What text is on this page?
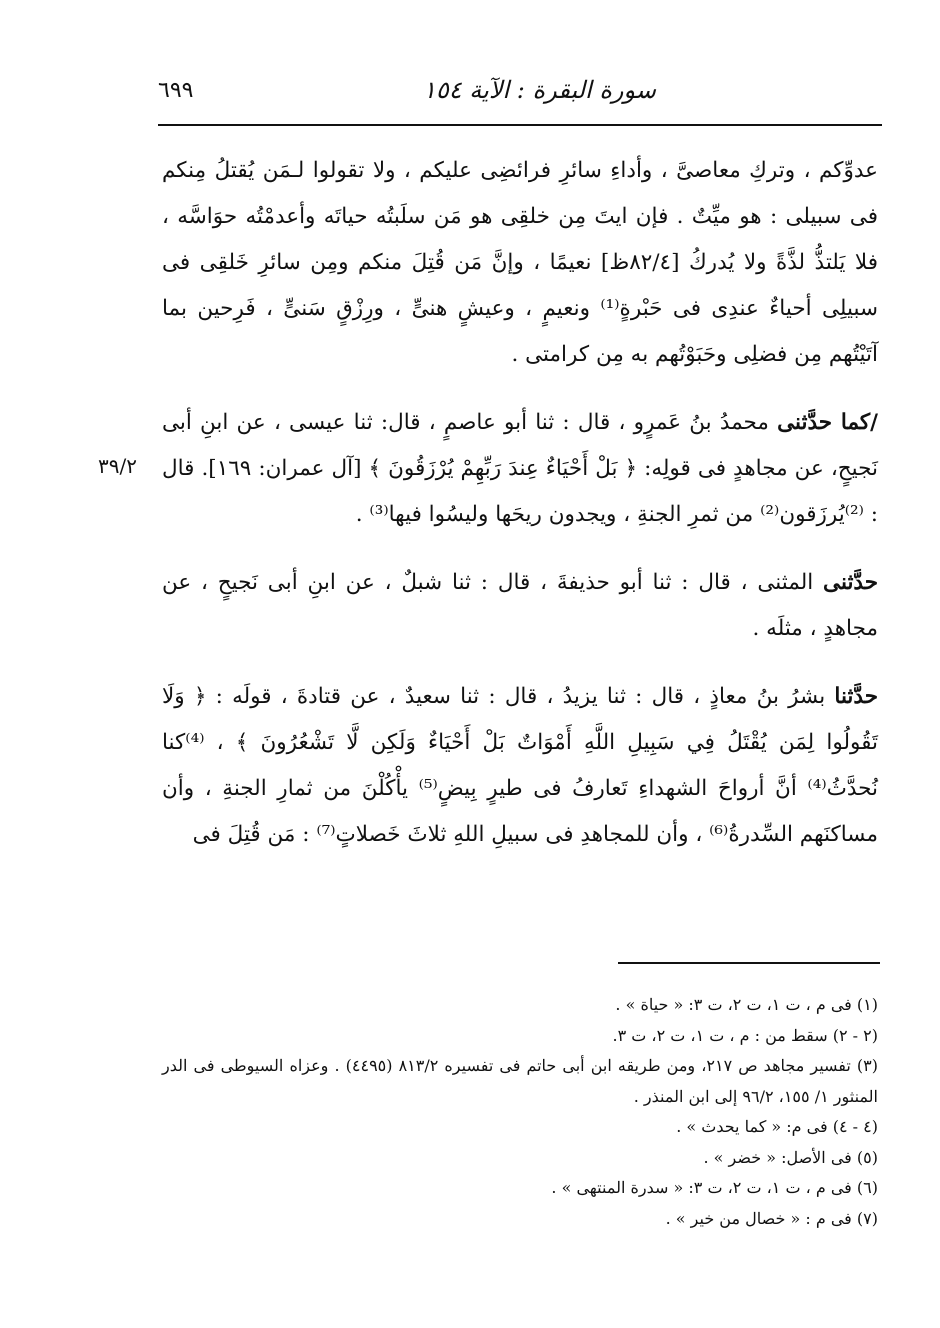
سورة البقرة : الآية ١٥٤
٦٩٩
٣٩/٢

عدوِّكم ، وتركِ معاصىَّ ، وأداءِ سائرِ فرائضِى عليكم ، ولا تقولوا لـمَن يُقتلُ مِنكم فى سبيلى : هو ميِّتٌ . فإن ايتَ مِن خلقِى هو مَن سلَبتُه حياتَه وأعدمْتُه حوَاسَّه ، فلا يَلتذُّ لذَّةً ولا يُدركُ [٨٢/٤ظ] نعيمًا ، وإنَّ مَن قُتِلَ منكم ومِن سائرِ خَلقِى فى سبيلِى أحياءٌ عندِى فى حَبْرةٍ⁽¹⁾ ونعيمٍ ، وعيشٍ هنىٍّ ، ورِزْقٍ سَنىٍّ ، فَرِحين بما آتَيْتُهم مِن فضلِى وحَبَوْتُهم به مِن كرامتى .

/كما حدَّثنى محمدُ بنُ عَمرٍو ، قال : ثنا أبو عاصمٍ ، قال: ثنا عيسى ، عن ابنِ أبى نَجيحٍ، عن مجاهدٍ فى قولِه: ﴿ بَلْ أَحْيَاءٌ عِندَ رَبِّهِمْ يُرْزَقُونَ ﴾ [آل عمران: ١٦٩]. قال : ⁽²⁾يُرزَقون⁽²⁾ من ثمرِ الجنةِ ، ويجدون ريحَها وليسُوا فيها⁽³⁾ .

حدَّثنى المثنى ، قال : ثنا أبو حذيفةَ ، قال : ثنا شبلٌ ، عن ابنِ أبى نَجيحٍ ، عن مجاهدٍ ، مثلَه .

حدَّثنا بشرُ بنُ معاذٍ ، قال : ثنا يزيدُ ، قال : ثنا سعيدٌ ، عن قتادةَ ، قولَه : ﴿ وَلَا تَقُولُوا لِمَن يُقْتَلُ فِي سَبِيلِ اللَّهِ أَمْوَاتٌ بَلْ أَحْيَاءٌ وَلَكِن لَّا تَشْعُرُونَ ﴾ ، ⁽⁴⁾كنا نُحدَّثُ⁽⁴⁾ أنَّ أرواحَ الشهداءِ تَعارفُ فى طيرٍ بِيضٍ⁽⁵⁾ يأْكُلْنَ من ثمارِ الجنةِ ، وأن مساكنَهم السِّدرةُ⁽⁶⁾ ، وأن للمجاهدِ فى سبيلِ اللهِ ثلاثَ خَصلاتٍ⁽⁷⁾ : مَن قُتِلَ فى

(١) فى م ، ت ١، ت ٢، ت ٣: « حياة » .

(٢ - ٢) سقط من : م ، ت ١، ت ٢، ت ٣.

(٣) تفسير مجاهد ص ٢١٧، ومن طريقه ابن أبى حاتم فى تفسيره ٨١٣/٢ (٤٤٩٥) . وعزاه السيوطى فى الدر المنثور ١/ ١٥٥، ٩٦/٢ إلى ابن المنذر .

(٤ - ٤) فى م: « كما يحدث » .

(٥) فى الأصل: « خضر » .

(٦) فى م ، ت ١، ت ٢، ت ٣: « سدرة المنتهى » .

(٧) فى م : « خصال من خير » .
